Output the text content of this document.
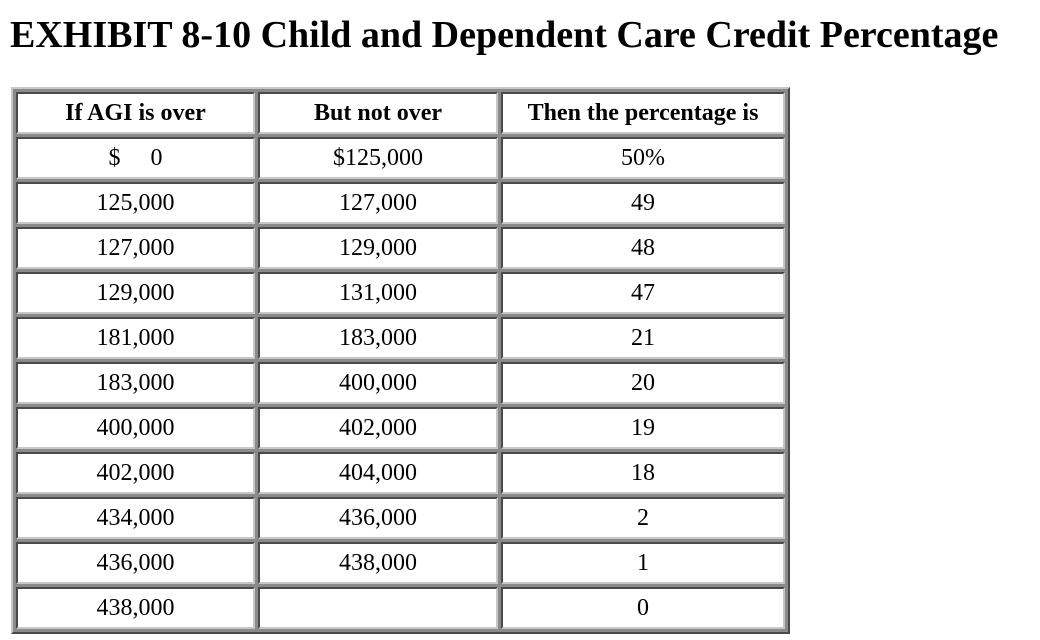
EXHIBIT 8-10 Child and Dependent Care Credit Percentage
If AGI is over	But not over	Then the percentage is
$ 0	$125,000	50%
125,000	127,000	49
127,000	129,000	48
129,000	131,000	47
181,000	183,000	21
183,000	400,000	20
400,000	402,000	19
402,000	404,000	18
434,000	436,000	2
436,000	438,000	1
438,000		0
